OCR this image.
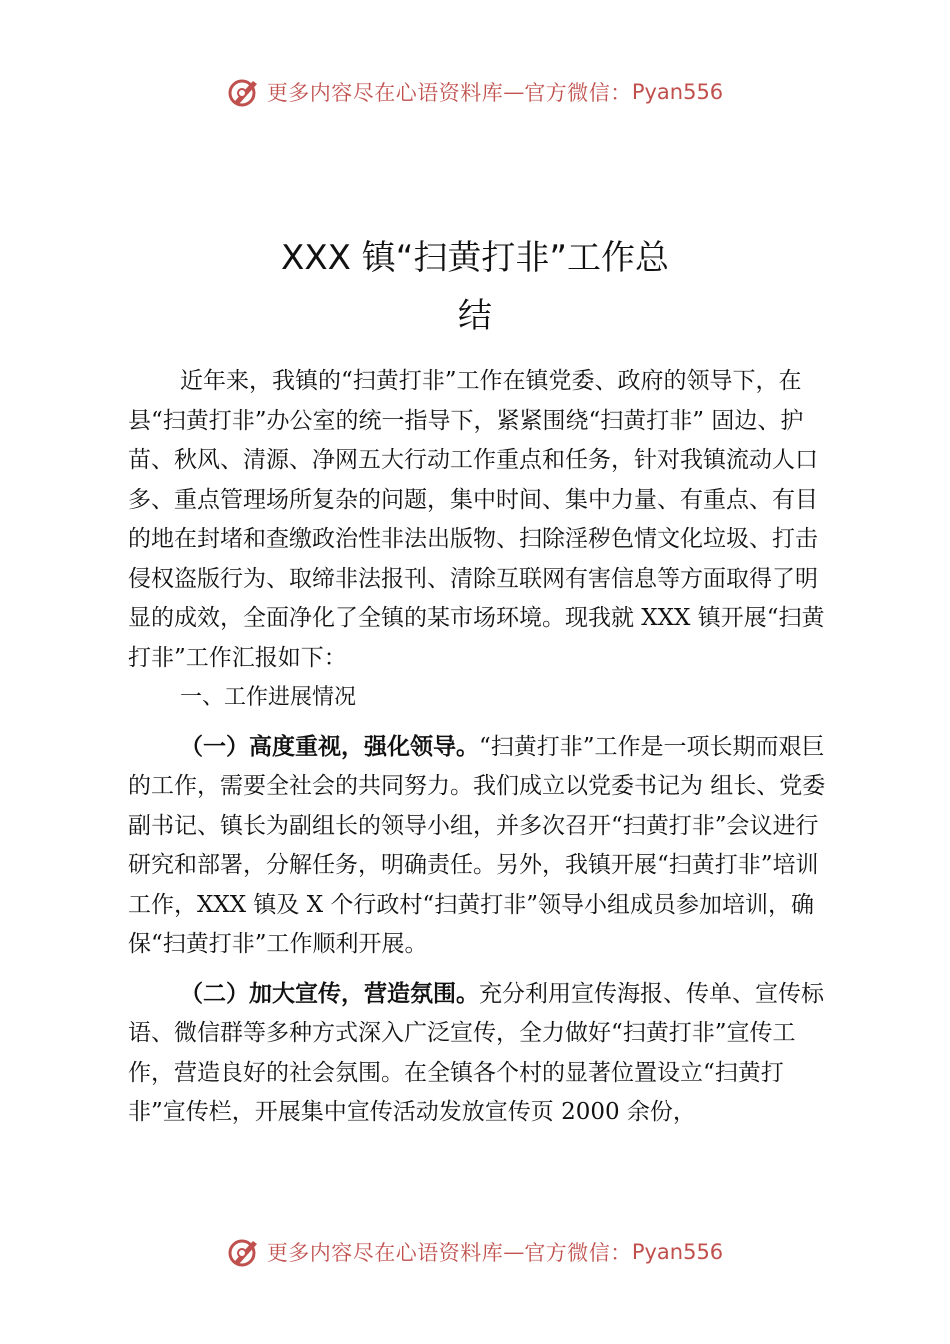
更多内容尽在心语资料库 — 官方微信： Pyan556
XXX 镇“扫黄打非”工作总
结

近年来，我镇的“扫黄打非”工作在镇党委、政府的领导下，在县“扫黄打非”办公室的统一指导下，紧紧围绕“扫黄打非” 固边、护苗、秋风、清源、净网五大行动工作重点和任务，针对我镇流动人口多、重点管理场所复杂的问题，集中时间、集中力量、有重点、有目的地在封堵和查缴政治性非法出版物、扫除淫秽色情文化垃圾、打击侵权盗版行为、取缔非法报刊、清除互联网有害信息等方面取得了明显的成效，全面净化了全镇的某市场环境。现我就 XXX 镇开展“扫黄打非”工作汇报如下：

一、工作进展情况

（一）高度重视，强化领导。“扫黄打非”工作是一项长期而艰巨的工作，需要全社会的共同努力。我们成立以党委书记为 组长、党委副书记、镇长为副组长的领导小组，并多次召开“扫黄打非”会议进行研究和部署，分解任务，明确责任。另外，我镇开展“扫黄打非”培训工作，XXX 镇及 X 个行政村“扫黄打非”领导小组成员参加培训，确保“扫黄打非”工作顺利开展。

（二）加大宣传，营造氛围。充分利用宣传海报、传单、宣传标语、微信群等多种方式深入广泛宣传，全力做好“扫黄打非”宣传工作，营造良好的社会氛围。在全镇各个村的显著位置设立“扫黄打非”宣传栏，开展集中宣传活动发放宣传页 2000 余份，

更多内容尽在心语资料库 — 官方微信： Pyan556
